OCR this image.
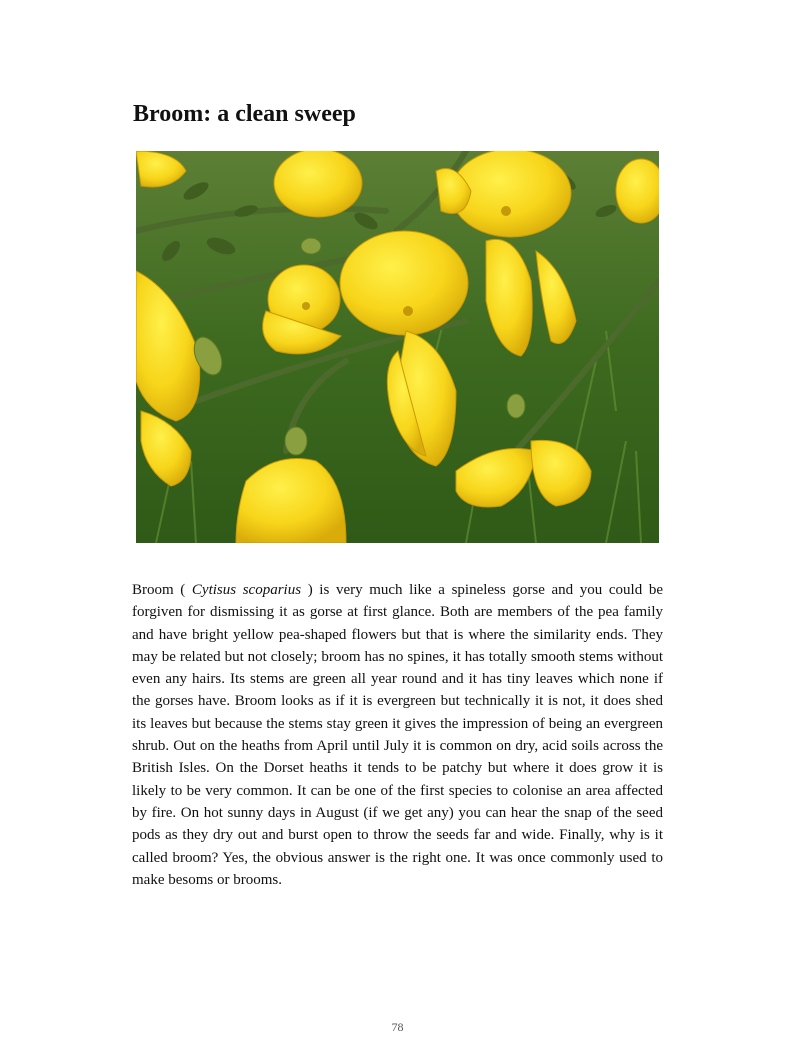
Broom: a clean sweep

Broom ( Cytisus scoparius ) is very much like a spineless gorse and you could be forgiven for dismissing it as gorse at first glance. Both are members of the pea family and have bright yellow pea-shaped flowers but that is where the similarity ends. They may be related but not closely; broom has no spines, it has totally smooth stems without even any hairs. Its stems are green all year round and it has tiny leaves which none if the gorses have. Broom looks as if it is evergreen but technically it is not, it does shed its leaves but because the stems stay green it gives the impression of being an evergreen shrub. Out on the heaths from April until July it is common on dry, acid soils across the British Isles. On the Dorset heaths it tends to be patchy but where it does grow it is likely to be very common. It can be one of the first species to colonise an area affected by fire. On hot sunny days in August (if we get any) you can hear the snap of the seed pods as they dry out and burst open to throw the seeds far and wide. Finally, why is it called broom? Yes, the obvious answer is the right one. It was once commonly used to make besoms or brooms.

78
